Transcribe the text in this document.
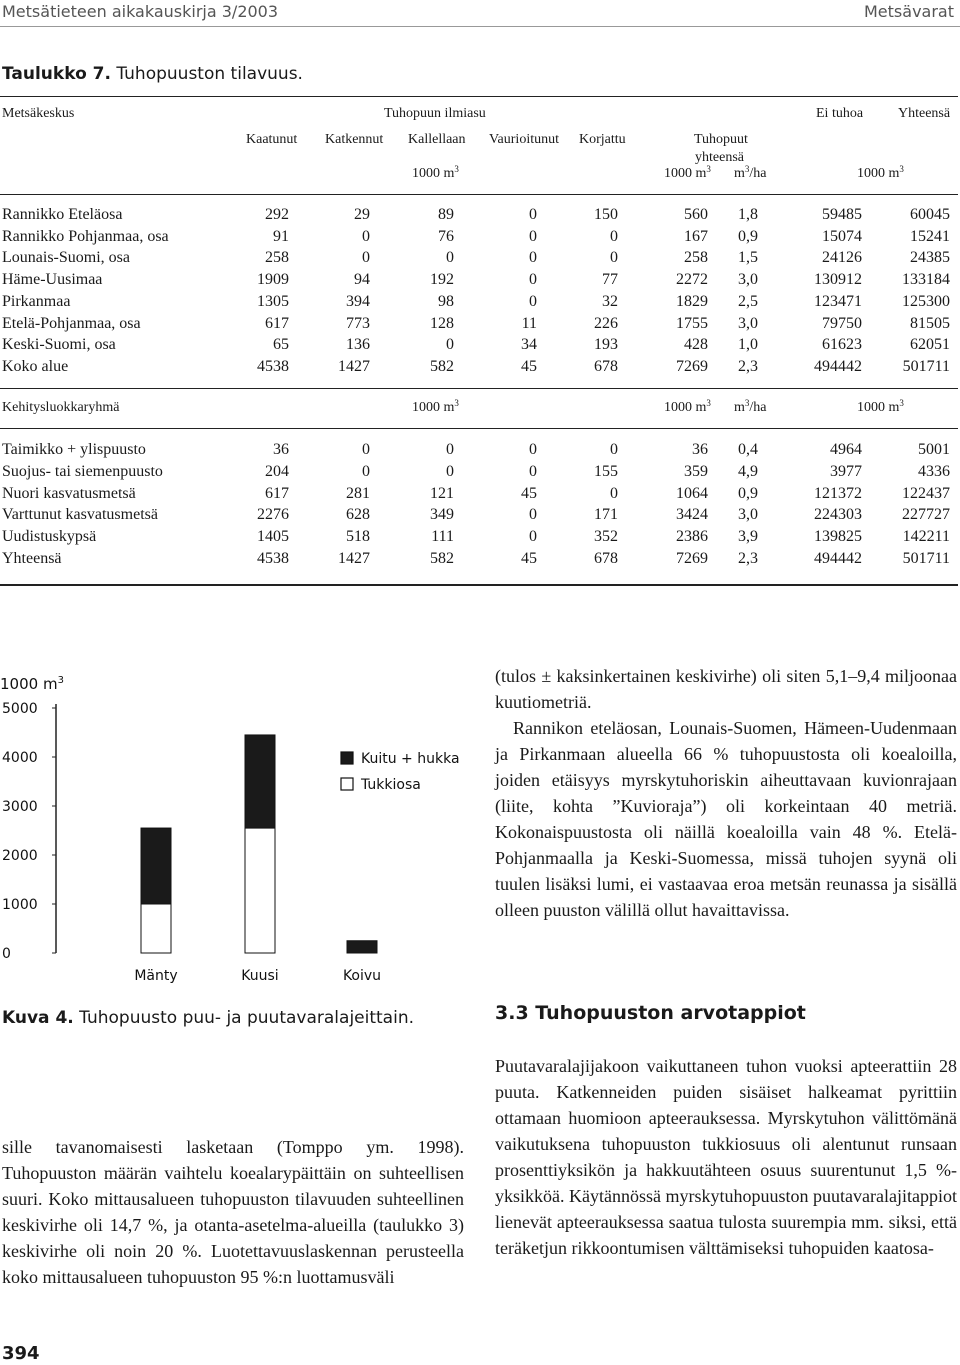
Metsätieteen aikakauskirja 3/2003	Metsävarat
Taulukko 7. Tuhopuuston tilavuus.
Metsäkeskus	Tuhopuun ilmiasu	Ei tuhoa Yhteensä
Kaatunut Katkennut Kallellaan Vaurioitunut Korjattu	Tuhopuut
yhteensä
1000 $m^3$	1000 $m^3$ $m^3/ha$	1000 $m^3$
Rannikko Eteläosa	292	29	89	0	150	560 1,8	59485	60045
Rannikko Pohjanmaa, osa	91	0	76	0	0	167 0,9	15074	15241
Lounais-Suomi, osa	258	0	0	0	0	258 1,5	24126	24385
Häme-Uusimaa	1909	94	192	0	77	2272 3,0	130912	133184
Pirkanmaa	1305	394	98	0	32	1829 2,5	123471	125300
Etelä-Pohjanmaa, osa	617	773	128	11	226	1755 3,0	79750	81505
Keski-Suomi, osa	65	136	0	34	193	428 1,0	61623	62051
Koko alue	4538	1427	582	45	678	7269 2,3	494442	501711
Kehitysluokkaryhmä	1000 $m^3$	1000 $m^3$ $m^3/ha$	1000 $m^3$
Taimikko + ylispuusto	36	0	0	0	0	36 0,4	4964	5001
Suojus- tai siemenpuusto	204	0	0	0	155	359 4,9	3977	4336
Nuori kasvatusmetsä	617	281	121	45	0	1064 0,9	121372	122437
Varttunut kasvatusmetsä	2276	628	349	0	171	3424 3,0	224303	227727
Uudistuskypsä	1405	518	111	0	352	2386 3,9	139825	142211
Yhteensä	4538	1427	582	45	678	7269 2,3	494442	501711
1000 $m^3$
0
1000
2000
3000
4000
5000
Mänty	Kuusi	Koivu
Kuitu + hukka
Tukkiosa
Kuva 4. Tuhopuusto puu- ja puutavaralajeittain.

sille tavanomaisesti lasketaan (Tomppo ym. 1998). Tuhopuuston määrän vaihtelu koealarypäittäin on suhteellisen suuri. Koko mittausalueen tuhopuuston tilavuuden suhteellinen keskivirhe oli 14,7 %, ja otanta-asetelma-alueilla (taulukko 3) keskivirhe oli noin 20 %. Luotettavuuslaskennan perusteella koko mittausalueen tuhopuuston 95 %:n luottamusväli

(tulos ± kaksinkertainen keskivirhe) oli siten 5,1–9,4 miljoonaa kuutiometriä.

Rannikon eteläosan, Lounais-Suomen, Hämeen-Uudenmaan ja Pirkanmaan alueella 66 % tuhopuustosta oli koealoilla, joiden etäisyys myrskytuhoriskin aiheuttavaan kuvionrajaan (liite, kohta ”Kuvioraja”) oli korkeintaan 40 metriä. Kokonaispuustosta oli näillä koealoilla vain 48 %. Etelä-Pohjanmaalla ja Keski-Suomessa, missä tuhojen syynä oli tuulen lisäksi lumi, ei vastaavaa eroa metsän reunassa ja sisällä olleen puuston välillä ollut havaittavissa.

3.3 Tuhopuuston arvotappiot

Puutavaralajijakoon vaikuttaneen tuhon vuoksi apteerattiin 28 puuta. Katkenneiden puiden sisäiset halkeamat pyrittiin ottamaan huomioon apteerauksessa. Myrskytuhon välittömänä vaikutuksena tuhopuuston tukkiosuus oli alentunut runsaan prosenttiyksikön ja hakkuutähteen osuus suurentunut 1,5 %-yksikköä. Käytännössä myrskytuhopuuston puutavaralajitappiot lienevät apteerauksessa saatua tulosta suurempia mm. siksi, että teräketjun rikkoontumisen välttämiseksi tuhopuiden kaatosa-

394
